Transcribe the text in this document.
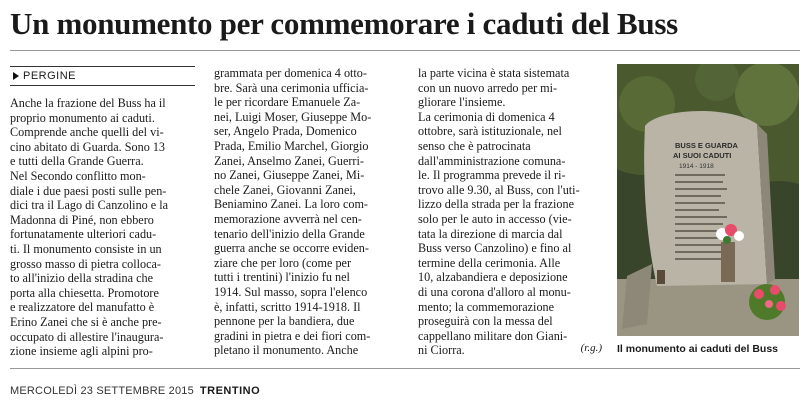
Un monumento per commemorare i caduti del Buss
PERGINE
Anche la frazione del Buss ha il
proprio monumento ai caduti.
Comprende anche quelli del vi-
cino abitato di Guarda. Sono 13
e tutti della Grande Guerra.
Nel Secondo conflitto mon-
diale i due paesi posti sulle pen-
dici tra il Lago di Canzolino e la
Madonna di Piné, non ebbero
fortunatamente ulteriori cadu-
ti. Il monumento consiste in un
grosso masso di pietra colloca-
to all'inizio della stradina che
porta alla chiesetta. Promotore
e realizzatore del manufatto è
Erino Zanei che si è anche pre-
occupato di allestire l'inaugura-
zione insieme agli alpini pro-
grammata per domenica 4 otto-
bre. Sarà una cerimonia ufficia-
le per ricordare Emanuele Za-
nei, Luigi Moser, Giuseppe Mo-
ser, Angelo Prada, Domenico
Prada, Emilio Marchel, Giorgio
Zanei, Anselmo Zanei, Guerri-
no Zanei, Giuseppe Zanei, Mi-
chele Zanei, Giovanni Zanei,
Beniamino Zanei. La loro com-
memorazione avverrà nel cen-
tenario dell'inizio della Grande
guerra anche se occorre eviden-
ziare che per loro (come per
tutti i trentini) l'inizio fu nel
1914. Sul masso, sopra l'elenco
è, infatti, scritto 1914-1918. Il
pennone per la bandiera, due
gradini in pietra e dei fiori com-
pletano il monumento. Anche
la parte vicina è stata sistemata
con un nuovo arredo per mi-
gliorare l'insieme.
La cerimonia di domenica 4
ottobre, sarà istituzionale, nel
senso che è patrocinata
dall'amministrazione comuna-
le. Il programma prevede il ri-
trovo alle 9.30, al Buss, con l'uti-
lizzo della strada per la frazione
solo per le auto in accesso (vie-
tata la direzione di marcia dal
Buss verso Canzolino) e fino al
termine della cerimonia. Alle
10, alzabandiera e deposizione
di una corona d'alloro al monu-
mento; la commemorazione
proseguirà con la messa del
cappellano militare don Giani-
ni Ciorra.	(r.g.)
BUSS E GUARDA
AI SUOI CADUTI
1914 - 1918
Il monumento ai caduti del Buss
MERCOLEDÌ 23 SETTEMBRE 2015 TRENTINO
